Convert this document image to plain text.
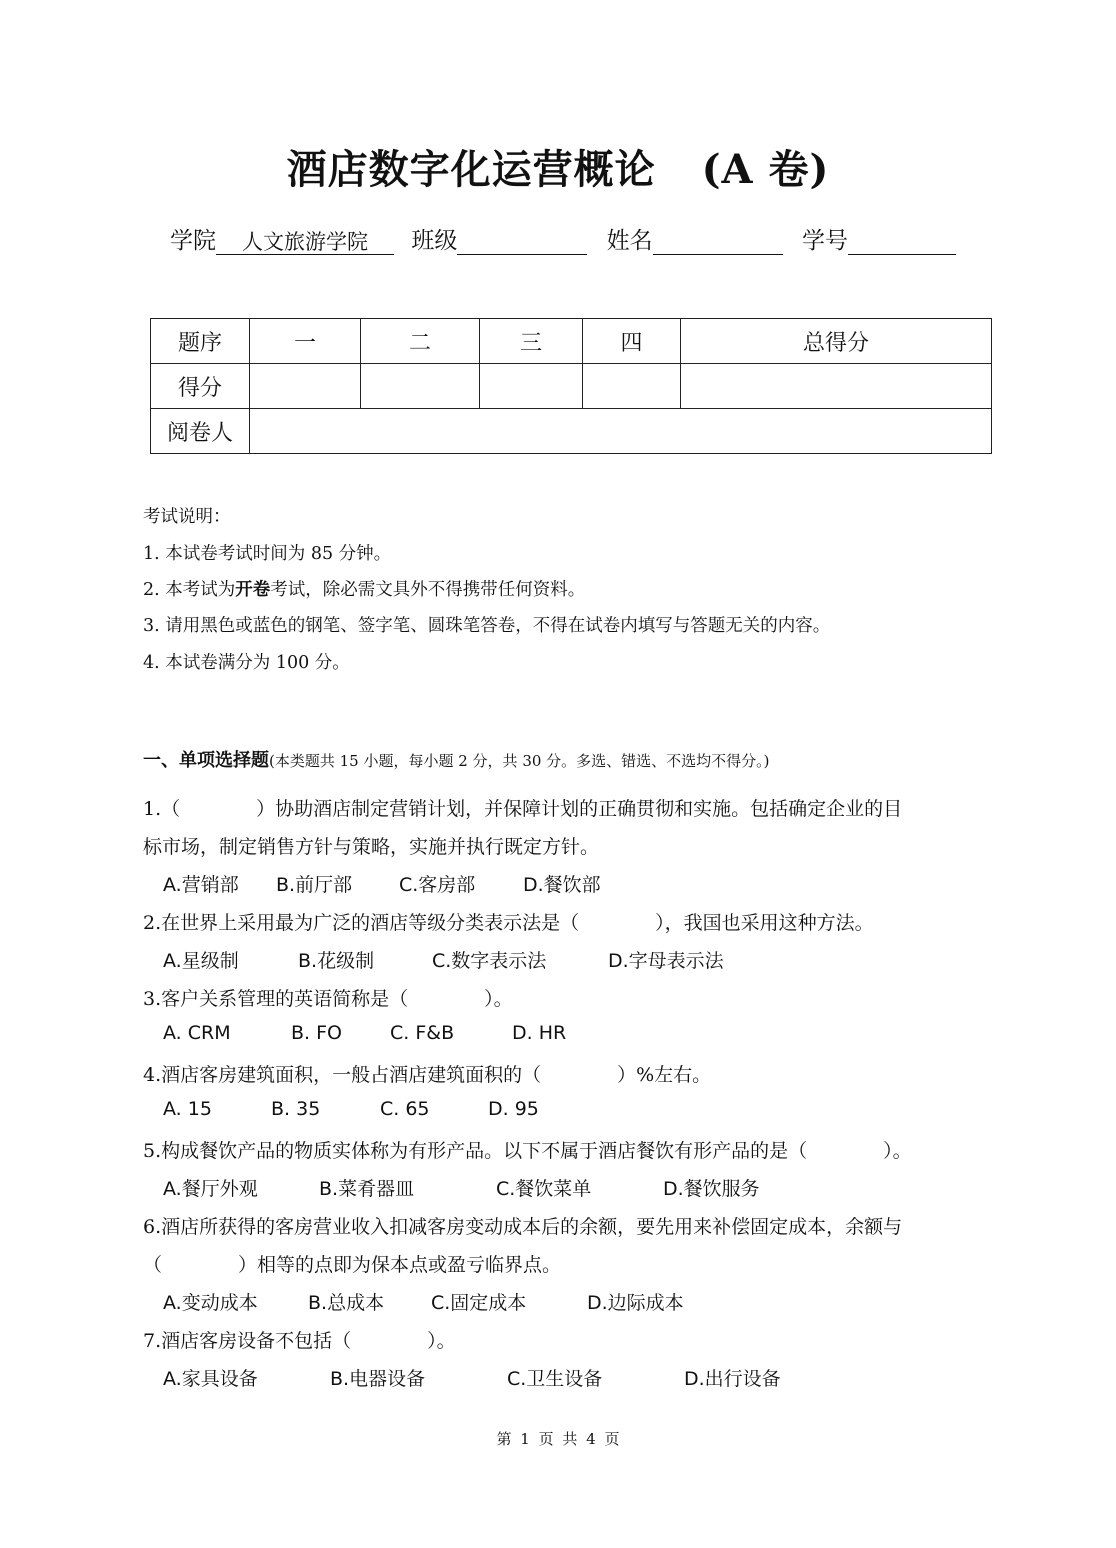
酒店数字化运营概论 (A 卷)
学院 人文旅游学院 班级	姓名	学号
题序	一	二	三	四	总得分
得分					
阅卷人					
考试说明：
1. 本试卷考试时间为 85 分钟。
2. 本考试为开卷考试，除必需文具外不得携带任何资料。
3. 请用黑色或蓝色的钢笔、签字笔、圆珠笔答卷，不得在试卷内填写与答题无关的内容。
4. 本试卷满分为 100 分。
一、单项选择题(本类题共 15 小题，每小题 2 分，共 30 分。多选、错选、不选均不得分。)
1.（　　　　）协助酒店制定营销计划，并保障计划的正确贯彻和实施。包括确定企业的目
标市场，制定销售方针与策略，实施并执行既定方针。
A.营销部 B.前厅部 C.客房部	D.餐饮部
2.在世界上采用最为广泛的酒店等级分类表示法是（　　　　），我国也采用这种方法。
A.星级制	B.花级制	C.数字表示法	D.字母表示法
3.客户关系管理的英语简称是（　　　　）。
A. CRM	B. FO	C. F&B	D. HR
4.酒店客房建筑面积，一般占酒店建筑面积的（　　　　）%左右。
A. 15	B. 35	C. 65	D. 95
5.构成餐饮产品的物质实体称为有形产品。以下不属于酒店餐饮有形产品的是（　　　　）。
A.餐厅外观	B.菜肴器皿	C.餐饮菜单	D.餐饮服务
6.酒店所获得的客房营业收入扣减客房变动成本后的余额，要先用来补偿固定成本，余额与
（　　　　）相等的点即为保本点或盈亏临界点。
A.变动成本	B.总成本 C.固定成本	D.边际成本
7.酒店客房设备不包括（　　　　）。
A.家具设备	B.电器设备	C.卫生设备	D.出行设备
第 1 页 共 4 页
